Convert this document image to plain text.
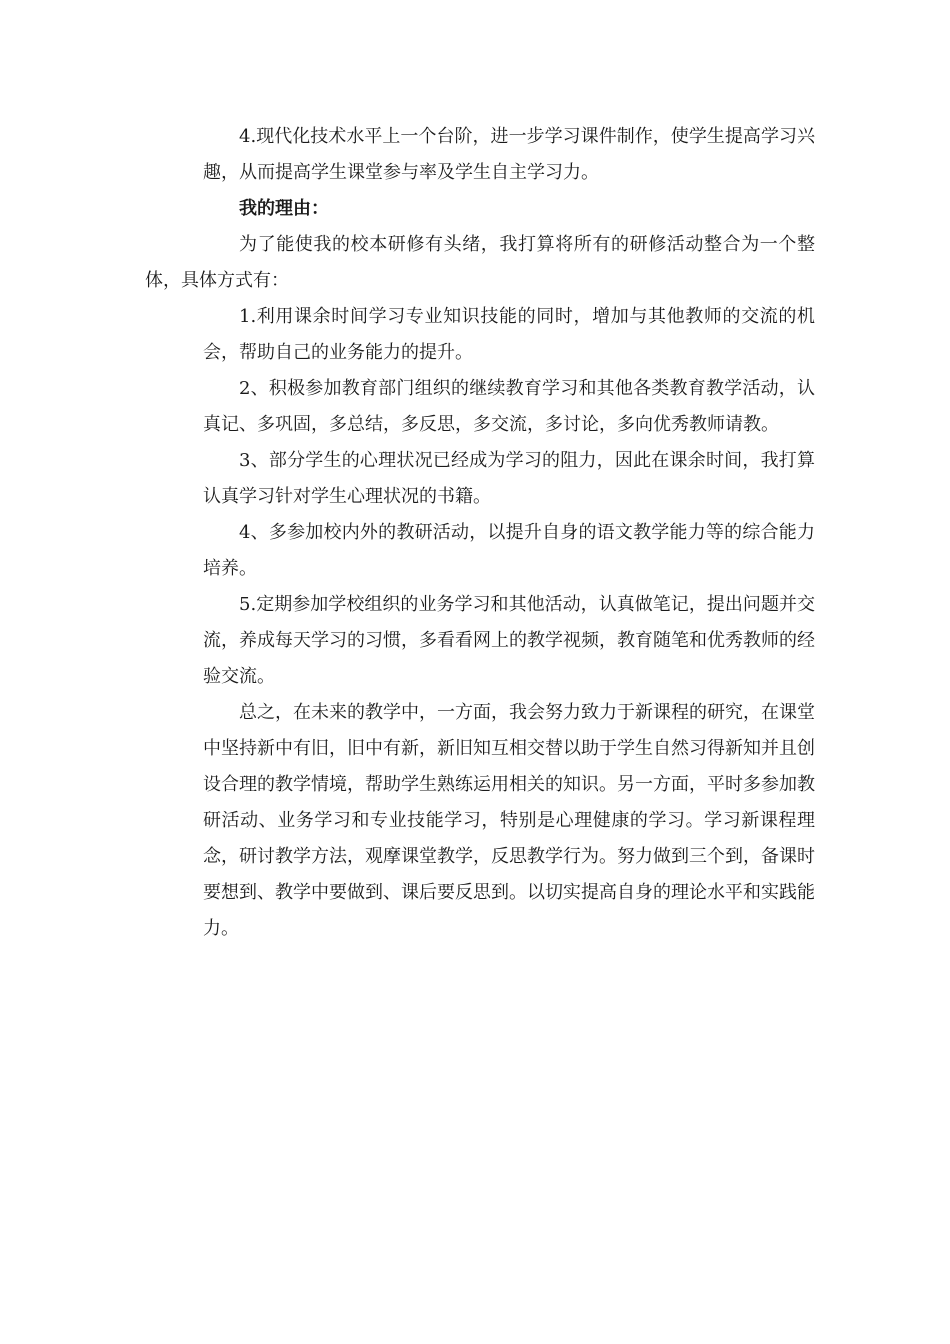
4.现代化技术水平上一个台阶，进一步学习课件制作，使学生提高学习兴趣，从而提高学生课堂参与率及学生自主学习力。

我的理由：

为了能使我的校本研修有头绪，我打算将所有的研修活动整合为一个整体，具体方式有：

1.利用课余时间学习专业知识技能的同时，增加与其他教师的交流的机会，帮助自己的业务能力的提升。

2、积极参加教育部门组织的继续教育学习和其他各类教育教学活动，认真记、多巩固，多总结，多反思，多交流，多讨论，多向优秀教师请教。

3、部分学生的心理状况已经成为学习的阻力，因此在课余时间，我打算认真学习针对学生心理状况的书籍。

4、多参加校内外的教研活动，以提升自身的语文教学能力等的综合能力培养。

5.定期参加学校组织的业务学习和其他活动，认真做笔记，提出问题并交流，养成每天学习的习惯，多看看网上的教学视频，教育随笔和优秀教师的经验交流。

总之，在未来的教学中，一方面，我会努力致力于新课程的研究，在课堂中坚持新中有旧，旧中有新，新旧知互相交替以助于学生自然习得新知并且创设合理的教学情境，帮助学生熟练运用相关的知识。另一方面，平时多参加教研活动、业务学习和专业技能学习，特别是心理健康的学习。学习新课程理念，研讨教学方法，观摩课堂教学，反思教学行为。努力做到三个到，备课时要想到、教学中要做到、课后要反思到。以切实提高自身的理论水平和实践能力。
